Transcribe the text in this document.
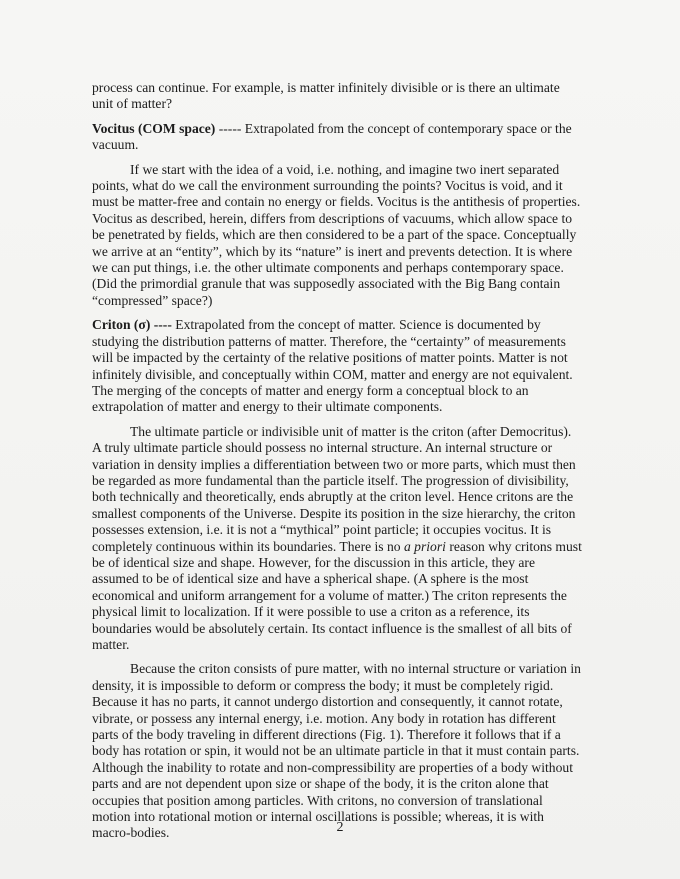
process can continue. For example, is matter infinitely divisible or is there an ultimate unit of matter?

Vocitus (COM space) ----- Extrapolated from the concept of contemporary space or the vacuum.

If we start with the idea of a void, i.e. nothing, and imagine two inert separated points, what do we call the environment surrounding the points? Vocitus is void, and it must be matter-free and contain no energy or fields. Vocitus is the antithesis of properties. Vocitus as described, herein, differs from descriptions of vacuums, which allow space to be penetrated by fields, which are then considered to be a part of the space. Conceptually we arrive at an “entity”, which by its “nature” is inert and prevents detection. It is where we can put things, i.e. the other ultimate components and perhaps contemporary space. (Did the primordial granule that was supposedly associated with the Big Bang contain “compressed” space?)

Criton (σ) ---- Extrapolated from the concept of matter. Science is documented by studying the distribution patterns of matter. Therefore, the “certainty” of measurements will be impacted by the certainty of the relative positions of matter points. Matter is not infinitely divisible, and conceptually within COM, matter and energy are not equivalent. The merging of the concepts of matter and energy form a conceptual block to an extrapolation of matter and energy to their ultimate components.

The ultimate particle or indivisible unit of matter is the criton (after Democritus). A truly ultimate particle should possess no internal structure. An internal structure or variation in density implies a differentiation between two or more parts, which must then be regarded as more fundamental than the particle itself. The progression of divisibility, both technically and theoretically, ends abruptly at the criton level. Hence critons are the smallest components of the Universe. Despite its position in the size hierarchy, the criton possesses extension, i.e. it is not a “mythical” point particle; it occupies vocitus. It is completely continuous within its boundaries. There is no a priori reason why critons must be of identical size and shape. However, for the discussion in this article, they are assumed to be of identical size and have a spherical shape. (A sphere is the most economical and uniform arrangement for a volume of matter.) The criton represents the physical limit to localization. If it were possible to use a criton as a reference, its boundaries would be absolutely certain. Its contact influence is the smallest of all bits of matter.

Because the criton consists of pure matter, with no internal structure or variation in density, it is impossible to deform or compress the body; it must be completely rigid. Because it has no parts, it cannot undergo distortion and consequently, it cannot rotate, vibrate, or possess any internal energy, i.e. motion. Any body in rotation has different parts of the body traveling in different directions (Fig. 1). Therefore it follows that if a body has rotation or spin, it would not be an ultimate particle in that it must contain parts. Although the inability to rotate and non-compressibility are properties of a body without parts and are not dependent upon size or shape of the body, it is the criton alone that occupies that position among particles. With critons, no conversion of translational motion into rotational motion or internal oscillations is possible; whereas, it is with macro-bodies.	2
